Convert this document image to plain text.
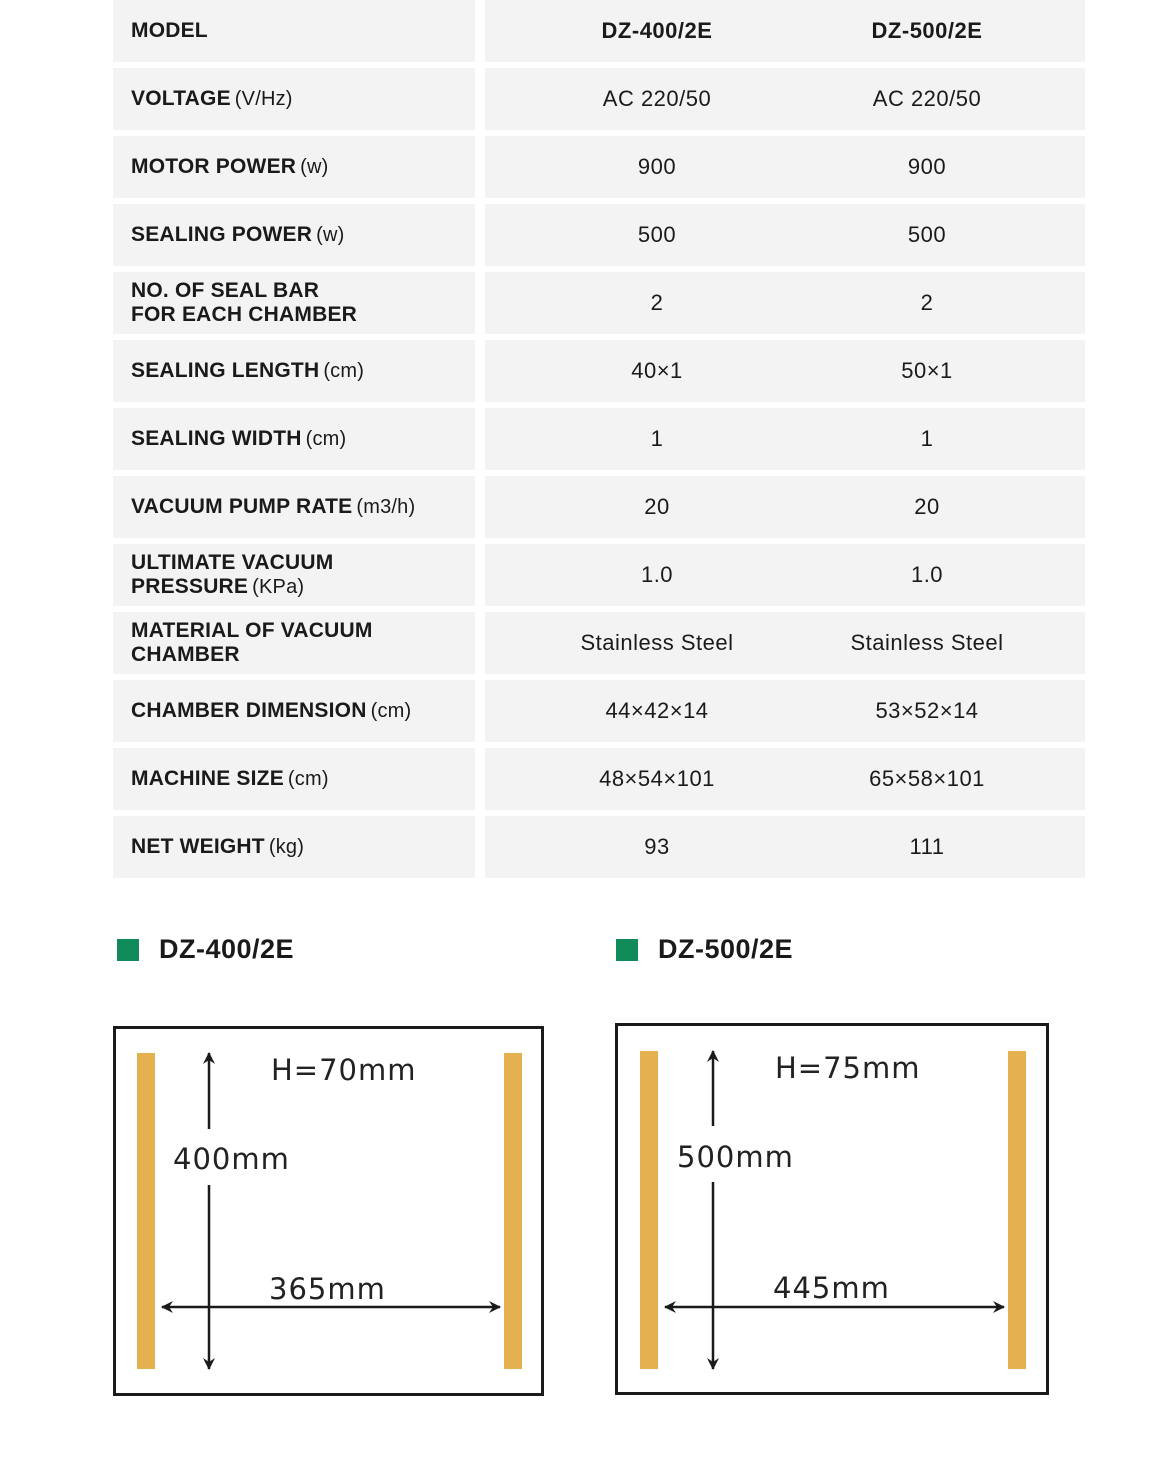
MODEL	DZ-400/2E	DZ-500/2E
VOLTAGE (V/Hz)	AC 220/50	AC 220/50
MOTOR POWER (w)	900	900
SEALING POWER (w)	500	500
NO. OF SEAL BAR
FOR EACH CHAMBER	2	2
SEALING LENGTH (cm)	40×1	50×1
SEALING WIDTH (cm)	1	1
VACUUM PUMP RATE (m3/h)	20	20
ULTIMATE VACUUM
PRESSURE (KPa)	1.0	1.0
MATERIAL OF VACUUM
CHAMBER	Stainless Steel	Stainless Steel
CHAMBER DIMENSION (cm)	44×42×14	53×52×14
MACHINE SIZE (cm)	48×54×101	65×58×101
NET WEIGHT (kg)	93	111
DZ-400/2E	DZ-500/2E
H=70mm
400mm
365mm
H=75mm
500mm
445mm
